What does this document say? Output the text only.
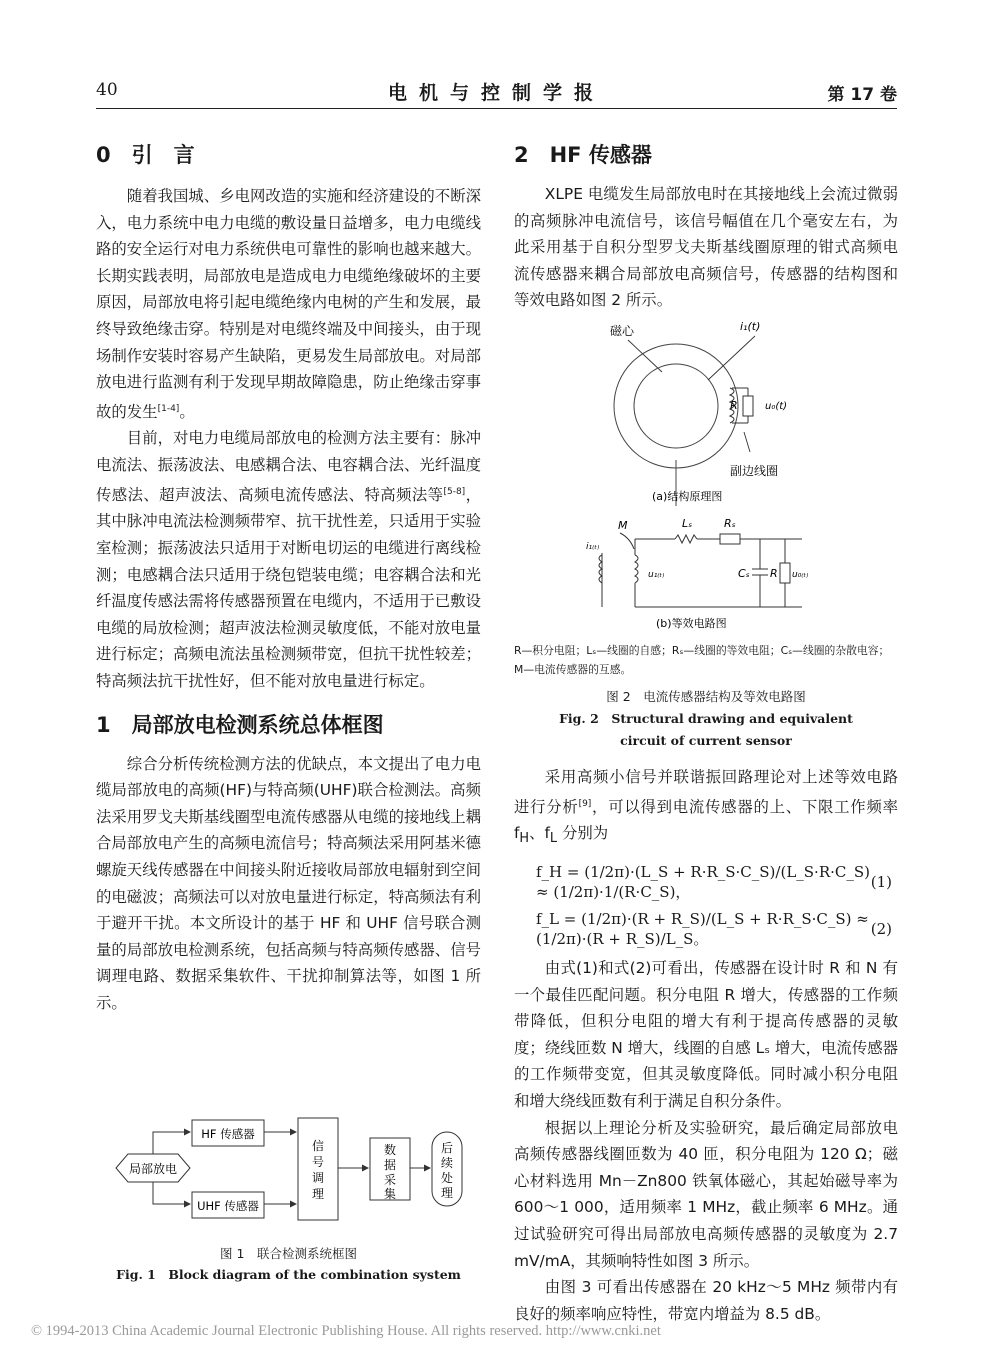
40	电机与控制学报	第 17 卷
0　引　言

随着我国城、乡电网改造的实施和经济建设的不断深入，电力系统中电力电缆的敷设量日益增多，电力电缆线路的安全运行对电力系统供电可靠性的影响也越来越大。长期实践表明，局部放电是造成电力电缆绝缘破坏的主要原因，局部放电将引起电缆绝缘内电树的产生和发展，最终导致绝缘击穿。特别是对电缆终端及中间接头，由于现场制作安装时容易产生缺陷，更易发生局部放电。对局部放电进行监测有利于发现早期故障隐患，防止绝缘击穿事故的发生[1-4]。

目前，对电力电缆局部放电的检测方法主要有：脉冲电流法、振荡波法、电感耦合法、电容耦合法、光纤温度传感法、超声波法、高频电流传感法、特高频法等[5-8]，其中脉冲电流法检测频带窄、抗干扰性差，只适用于实验室检测；振荡波法只适用于对断电切运的电缆进行离线检测；电感耦合法只适用于绕包铠装电缆；电容耦合法和光纤温度传感法需将传感器预置在电缆内，不适用于已敷设电缆的局放检测；超声波法检测灵敏度低，不能对放电量进行标定；高频电流法虽检测频带宽，但抗干扰性较差；特高频法抗干扰性好，但不能对放电量进行标定。

1　局部放电检测系统总体框图

综合分析传统检测方法的优缺点，本文提出了电力电缆局部放电的高频(HF)与特高频(UHF)联合检测法。高频法采用罗戈夫斯基线圈型电流传感器从电缆的接地线上耦合局部放电产生的高频电流信号；特高频法采用阿基米德螺旋天线传感器在中间接头附近接收局部放电辐射到空间的电磁波；高频法可以对放电量进行标定，特高频法有利于避开干扰。本文所设计的基于 HF 和 UHF 信号联合测量的局部放电检测系统，包括高频与特高频传感器、信号调理电路、数据采集软件、干扰抑制算法等，如图 1 所示。

局部放电
HF 传感器
UHF 传感器
信
号
调
理
数
据
采
集
后
续
处
理
图 1　联合检测系统框图
Fig. 1　Block diagram of the combination system
2　HF 传感器

XLPE 电缆发生局部放电时在其接地线上会流过微弱的高频脉冲电流信号，该信号幅值在几个毫安左右，为此采用基于自积分型罗戈夫斯基线圈原理的钳式高频电流传感器来耦合局部放电高频信号，传感器的结构图和等效电路如图 2 所示。

磁心	i₁(t)
R	u₀(t)
副边线圈
(a)结构原理图
M
i₁₍ₜ₎
u₁₍ₜ₎
Lₛ	Rₛ
Cₛ R u₀₍ₜ₎
(b)等效电路图
R—积分电阻；Lₛ—线圈的自感；Rₛ—线圈的等效电阻；Cₛ—线圈的杂散电容；M—电流传感器的互感。
图 2　电流传感器结构及等效电路图
Fig. 2　Structural drawing and equivalent
circuit of current sensor

采用高频小信号并联谐振回路理论对上述等效电路进行分析[9]，可以得到电流传感器的上、下限工作频率 $f_H$、$f_L$ 分别为

f_H = (1/2π)·(L_S + R·R_S·C_S)/(L_S·R·C_S) ≈ (1/2π)·1/(R·C_S)，
(1)
f_L = (1/2π)·(R + R_S)/(L_S + R·R_S·C_S) ≈ (1/2π)·(R + R_S)/L_S。
(2)

由式(1)和式(2)可看出，传感器在设计时 R 和 N 有一个最佳匹配问题。积分电阻 R 增大，传感器的工作频带降低，但积分电阻的增大有利于提高传感器的灵敏度；绕线匝数 N 增大，线圈的自感 Lₛ 增大，电流传感器的工作频带变宽，但其灵敏度降低。同时减小积分电阻和增大绕线匝数有利于满足自积分条件。

根据以上理论分析及实验研究，最后确定局部放电高频传感器线圈匝数为 40 匝，积分电阻为 120 Ω；磁心材料选用 Mn－Zn800 铁氧体磁心，其起始磁导率为 600～1 000，适用频率 1 MHz，截止频率 6 MHz。通过试验研究可得出局部放电高频传感器的灵敏度为 2.7 mV/mA，其频响特性如图 3 所示。

由图 3 可看出传感器在 20 kHz～5 MHz 频带内有良好的频率响应特性，带宽内增益为 8.5 dB。

© 1994-2013 China Academic Journal Electronic Publishing House. All rights reserved. http://www.cnki.net
